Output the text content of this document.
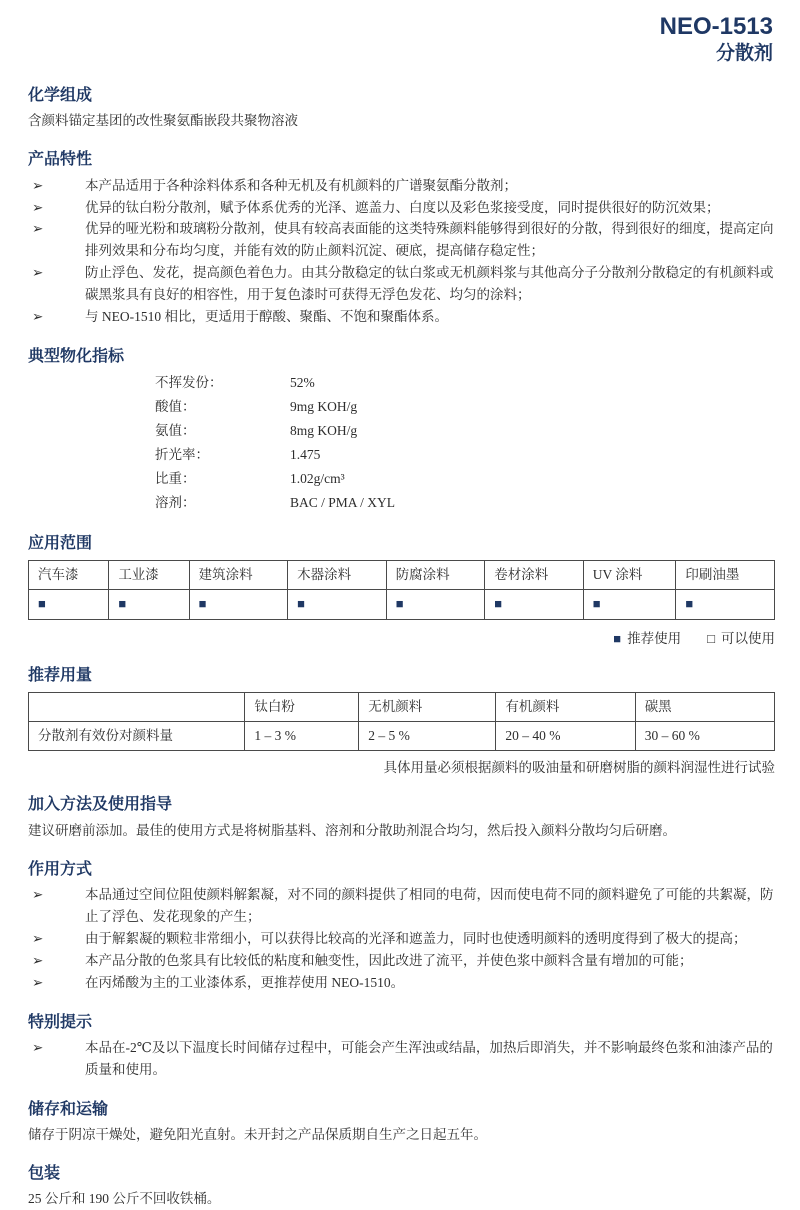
NEO-1513
分散剂
化学组成

含颜料锚定基团的改性聚氨酯嵌段共聚物溶液

产品特性
➢	本产品适用于各种涂料体系和各种无机及有机颜料的广谱聚氨酯分散剂；
➢	优异的钛白粉分散剂，赋予体系优秀的光泽、遮盖力、白度以及彩色浆接受度，同时提供很好的防沉效果；
➢	优异的哑光粉和玻璃粉分散剂，使具有较高表面能的这类特殊颜料能够得到很好的分散，得到很好的细度，提高定向排列效果和分布均匀度，并能有效的防止颜料沉淀、硬底，提高储存稳定性；
➢	防止浮色、发花，提高颜色着色力。由其分散稳定的钛白浆或无机颜料浆与其他高分子分散剂分散稳定的有机颜料或碳黑浆具有良好的相容性，用于复色漆时可获得无浮色发花、均匀的涂料；
➢	与 NEO-1510 相比，更适用于醇酸、聚酯、不饱和聚酯体系。
典型物化指标
不挥发份：	52%
酸值：	9mg KOH/g
氨值：	8mg KOH/g
折光率：	1.475
比重：	1.02g/cm³
溶剂：	BAC / PMA / XYL
应用范围
汽车漆	工业漆	建筑涂料	木器涂料	防腐涂料	卷材涂料	UV 涂料	印刷油墨
■	■	■	■	■	■	■	■
■ 推荐使用 □ 可以使用
推荐用量
	钛白粉	无机颜料	有机颜料	碳黑
分散剂有效份对颜料量	1 – 3 %	2 – 5 %	20 – 40 %	30 – 60 %
具体用量必须根据颜料的吸油量和研磨树脂的颜料润湿性进行试验
加入方法及使用指导

建议研磨前添加。最佳的使用方式是将树脂基料、溶剂和分散助剂混合均匀，然后投入颜料分散均匀后研磨。

作用方式
➢	本品通过空间位阻使颜料解絮凝，对不同的颜料提供了相同的电荷，因而使电荷不同的颜料避免了可能的共絮凝，防止了浮色、发花现象的产生；
➢	由于解絮凝的颗粒非常细小，可以获得比较高的光泽和遮盖力，同时也使透明颜料的透明度得到了极大的提高；
➢	本产品分散的色浆具有比较低的粘度和触变性，因此改进了流平，并使色浆中颜料含量有增加的可能；
➢	在丙烯酸为主的工业漆体系，更推荐使用 NEO-1510。
特别提示
➢	本品在-2℃及以下温度长时间储存过程中，可能会产生浑浊或结晶，加热后即消失，并不影响最终色浆和油漆产品的质量和使用。
储存和运输

储存于阴凉干燥处，避免阳光直射。未开封之产品保质期自生产之日起五年。

包装

25 公斤和 190 公斤不回收铁桶。
